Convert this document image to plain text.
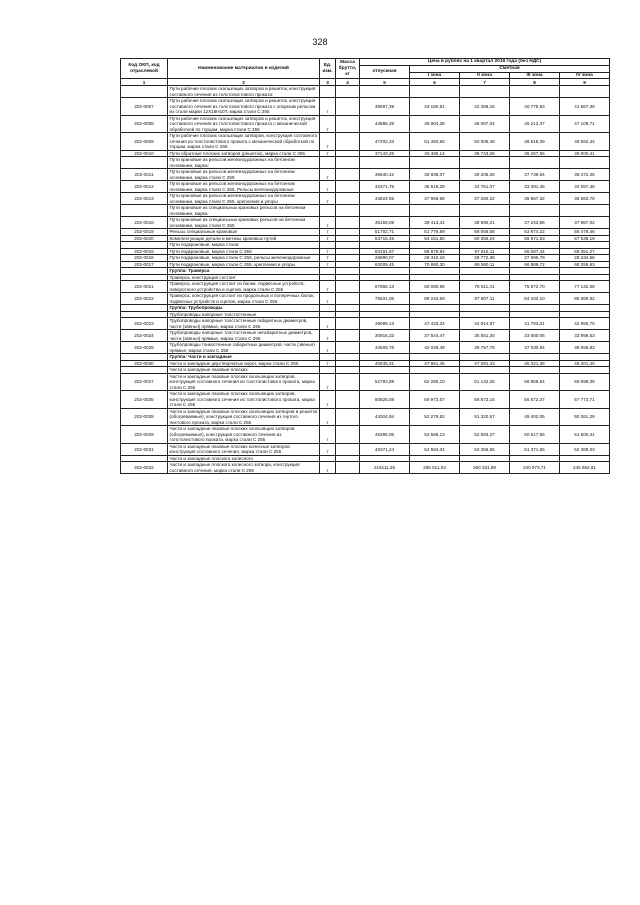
328
Код ОКП, код отраслевой	Наименование материалов и изделий	Ед. изм.	Масса брутто, кг	Цена в рублях на 1 квартал 2016 года (без НДС)				
				отпускная	Сметная			
					I зона	II зона	III зона	IV зона
1	2	3	4	5	6	7	8	9
	Пути рабочие плоских скользящих затворов и решеток, конструкция составного сечения из толстолистового проката:							
202-0007	Пути рабочие плоских скользящих затворов и решеток, конструкция составного сечения из толстолистового проката с опорным рельсом из стали марки 12Х18Н10Т, марка стали С 255	т		39587,39	43 150,91	42 359,15	40 775,63	41 567,39
202-0008	Пути рабочие плоских скользящих затворов и решеток, конструкция составного сечения из толстолистового проката с механической обработкой по торцам, марка стали С 255	т		44886,39	48 904,38	48 007,04	46 212,37	47 109,71
202-0009	Пути рабочие плоских скользящих затворов, конструкция составного сечения из толстолистового проката с механической обработкой по торцам, марка стали С 255	т		47202,33	51 450,56	50 506,49	48 618,39	49 562,44
202-0010	Пути обратные плоских затворов (решеток), марка стали С 255	т		37143,26	40 486,14	39 743,26	38 257,55	39 000,41
	Пути крановые из рельсов железнодорожных на бетонном основании, марка:							
202-0011	Пути крановые из рельсов железнодорожных на бетонном основании, марка стали С 255	т		36640,42	39 938,07	39 205,26	37 739,64	38 472,45
202-0012	Пути крановые из рельсов железнодорожных на бетонном основании, марка стали С 255. Рельсы железнодорожные	т		32371,75	35 518,29	34 751,07	33 391,46	34 087,45
202-0013	Пути крановые из рельсов железнодорожных на бетонном основании, марка стали С 255, крепления и упоры	т		34822,65	37 956,68	37 260,22	35 867,32	36 563,79
	Пути крановые из специальных крановых рельсов на бетонном основании, марка							
202-0018	Пути крановые из специальных крановых рельсов на бетонном основании, марка стали С 255	т		35159,09	39 413,41	38 690,21	37 243,86	37 967,02
202-0019	Рельсы специальные крановые	т		51702,71	61 776,89	58 066,58	53 874,22	55 479,46
202-0020	Комплектующие детали и метизы крановых путей	т		53715,45	54 151,80	60 356,24	55 971,53	57 538,19
	Пути подкрановые, марка стали:							
202-0015	Пути подкрановые, марка стали С 255	т		63191,67	68 878,94	67 615,11	65 087,44	66 351,27
202-0016	Пути подкрановые, марка стали С 255, рельсы железнодорожные	т		26890,07	29 310,18	28 772,38	27 696,79	28 234,58
202-0017	Пути подкрановые, марка стали С 255, крепления и упоры	т		63009,45	70 880,30	69 580,11	66 989,72	68 259,93
	Группа: Траверса							
	Траверса, конструкция состоит							
202-0021	Траверса, конструкция состоит из балки, подвесных устройств, поворотного устройства и сцепов, марка стали С 255	т		67865,13	80 080,85	78 611,41	75 672,70	77 142,08
202-0022	Траверса, конструкция состоит из продольных и поперечных балок, подвесных устройств и сцепов, марка стали С 255	т		75631,06	89 244,69	87 607,11	84 332,10	85 969,62
	Группа: Трубопроводы							
	Трубопроводы напорные толстостенные							
202-0023	Трубопроводы напорные толстостенные габаритных диаметров, части (звенья) прямые, марка стали С 255	т		39089,13	47 433,24	44 914,97	41 793,01	42 955,70
202-0024	Трубопроводы напорные толстостенные негабаритных диаметров, части (звенья) прямые, марка стали С 255	т		30916,33	37 544,47	35 551,20	33 080,06	33 996,53
202-0025	Трубопроводы тонкостенные габаритных диаметров, части (звенья) прямые, марка стали С 255	т		34508,76	42 028,49	39 757,75	37 030,94	38 056,83
	Группа: Части и закладные							
202-0030	Части и закладные двустворчатых ворот, марка стали С 255	т		40845,31	47 961,46	47 081,43	45 321,38	46 201,40
	Части и закладные пазовые плоских							
202-0027	Части и закладные пазовые плоских скользящих затворов, конструкция составного сечения из толстолистового проката, марка стали С 255	т		52783,99	62 265,10	61 142,26	58 856,54	59 999,38
202-0035	Части и закладные пазовые плоских скользящих затворов, конструкция составного сечения из толстолистового проката, марка стали С 255	т		50825,08	59 973,57	58 873,15	56 672,37	57 772,71
202-0028	Части и закладные пазовые плоских скользящих затворов и решеток (обогреваемые), конструкция составного сечения из гнутого листового проката, марка стали С 255	т		44304,94	52 279,82	51 320,57	49 402,05	50 361,29
202-0029	Части и закладные пазовые плоских скользящих затворов (обогреваемые), конструкция составного сечения из толстолистового проката, марка стали С 255	т		45395,06	53 566,13	52 583,27	50 617,55	51 600,41
202-0031	Части и закладные пазовые плоских колесных затворов, конструкция составного сечения, марка стали С 255	т		46371,24	54 564,04	53 366,55	51 371,55	52 369,03
	Части и закладные плоского колесного							
202-0032	Части и закладные плоского колесного затвора, конструкция составного сечения, марка стали С 255	т		216111,36	255 011,03	250 331,99	240 973,71	245 652,81
